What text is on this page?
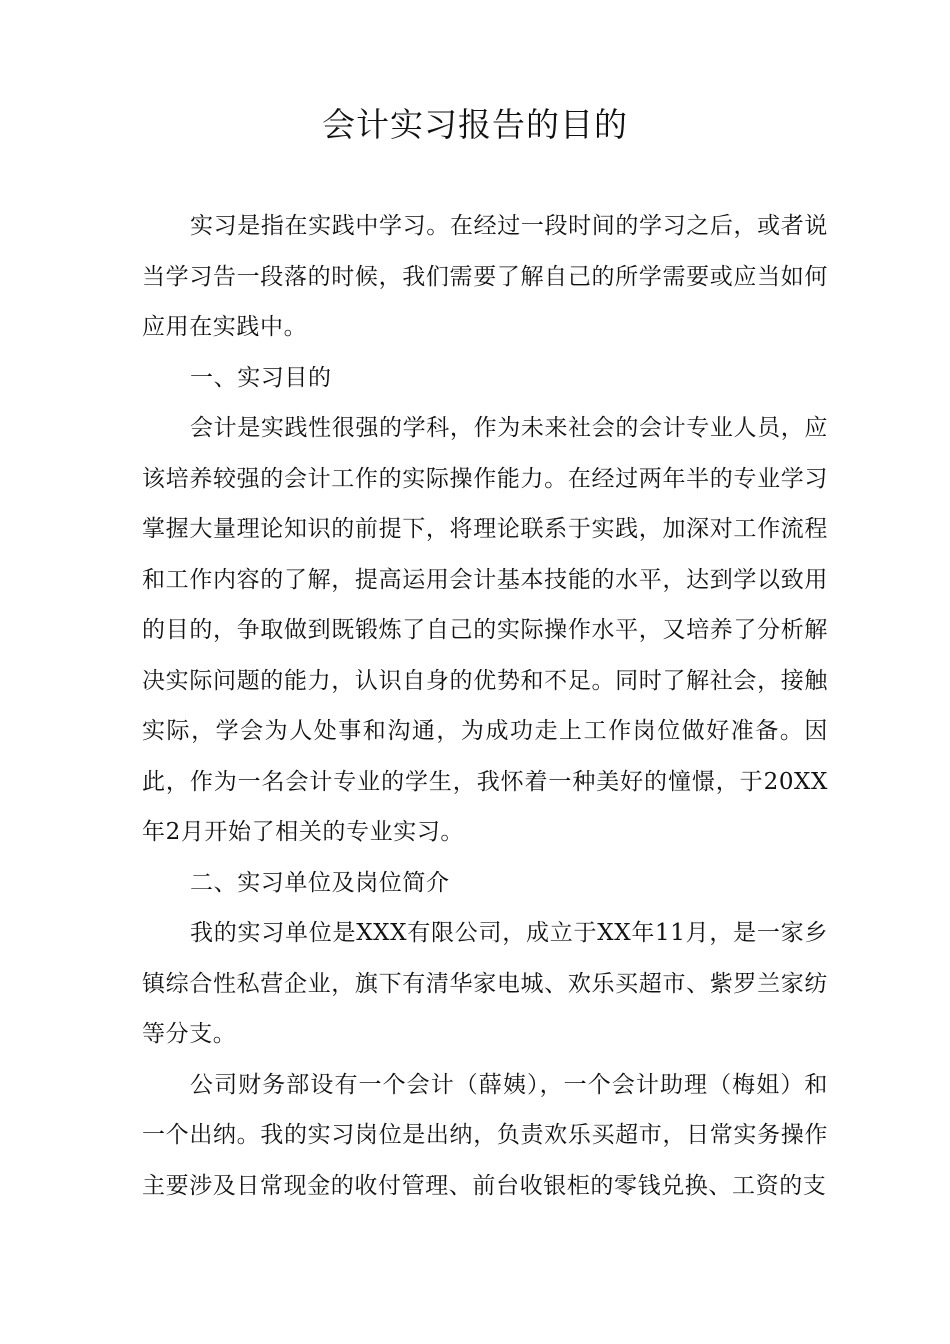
会计实习报告的目的

实习是指在实践中学习。在经过一段时间的学习之后，或者说当学习告一段落的时候，我们需要了解自己的所学需要或应当如何应用在实践中。

一、实习目的

会计是实践性很强的学科，作为未来社会的会计专业人员，应该培养较强的会计工作的实际操作能力。在经过两年半的专业学习掌握大量理论知识的前提下，将理论联系于实践，加深对工作流程和工作内容的了解，提高运用会计基本技能的水平，达到学以致用的目的，争取做到既锻炼了自己的实际操作水平，又培养了分析解决实际问题的能力，认识自身的优势和不足。同时了解社会，接触实际，学会为人处事和沟通，为成功走上工作岗位做好准备。因此，作为一名会计专业的学生，我怀着一种美好的憧憬，于20XX年2月开始了相关的专业实习。

二、实习单位及岗位简介

我的实习单位是XXX有限公司，成立于XX年11月，是一家乡镇综合性私营企业，旗下有清华家电城、欢乐买超市、紫罗兰家纺等分支。

公司财务部设有一个会计（薛姨），一个会计助理（梅姐）和一个出纳。我的实习岗位是出纳，负责欢乐买超市，日常实务操作主要涉及日常现金的收付管理、前台收银柜的零钱兑换、工资的支
